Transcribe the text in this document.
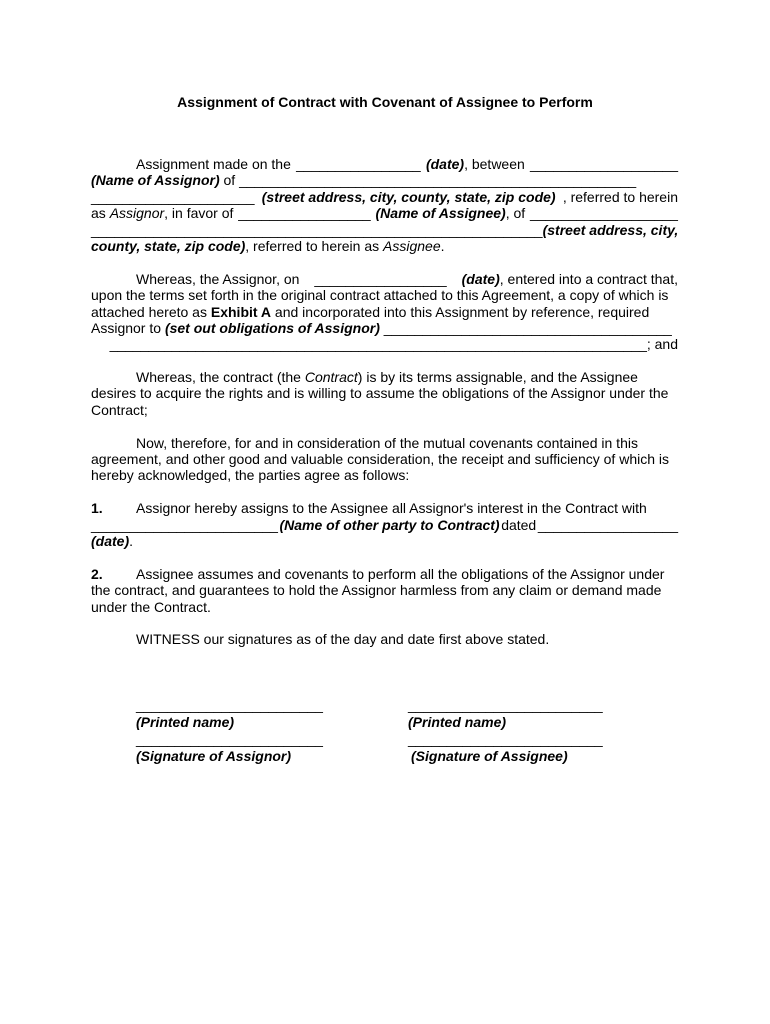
Assignment of Contract with Covenant of Assignee to Perform
Assignment made on the ________________ (date), between ___________________
(Name of Assignor) of ___________________________________________________
_____________________ (street address, city, county, state, zip code) , referred to herein
as Assignor, in favor of _________________ (Name of Assignee), of ___________________
__________________________________________________________ (street address, city,
county, state, zip code), referred to herein as Assignee.
Whereas, the Assignor, on _________________ (date), entered into a contract that,
upon the terms set forth in the original contract attached to this Agreement, a copy of which is
attached hereto as Exhibit A and incorporated into this Assignment by reference, required
Assignor to (set out obligations of Assignor) _____________________________________
_____________________________________________________________________; and
Whereas, the contract (the Contract) is by its terms assignable, and the Assignee
desires to acquire the rights and is willing to assume the obligations of the Assignor under the
Contract;
Now, therefore, for and in consideration of the mutual covenants contained in this
agreement, and other good and valuable consideration, the receipt and sufficiency of which is
hereby acknowledged, the parties agree as follows:
1. Assignor hereby assigns to the Assignee all Assignor's interest in the Contract with
________________________ (Name of other party to Contract) dated __________________
(date).
2. Assignee assumes and covenants to perform all the obligations of the Assignor under
the contract, and guarantees to hold the Assignor harmless from any claim or demand made
under the Contract.
WITNESS our signatures as of the day and date first above stated.
________________________
(Printed name)
________________________
(Signature of Assignor)
_________________________
(Printed name)
_________________________
(Signature of Assignee)
